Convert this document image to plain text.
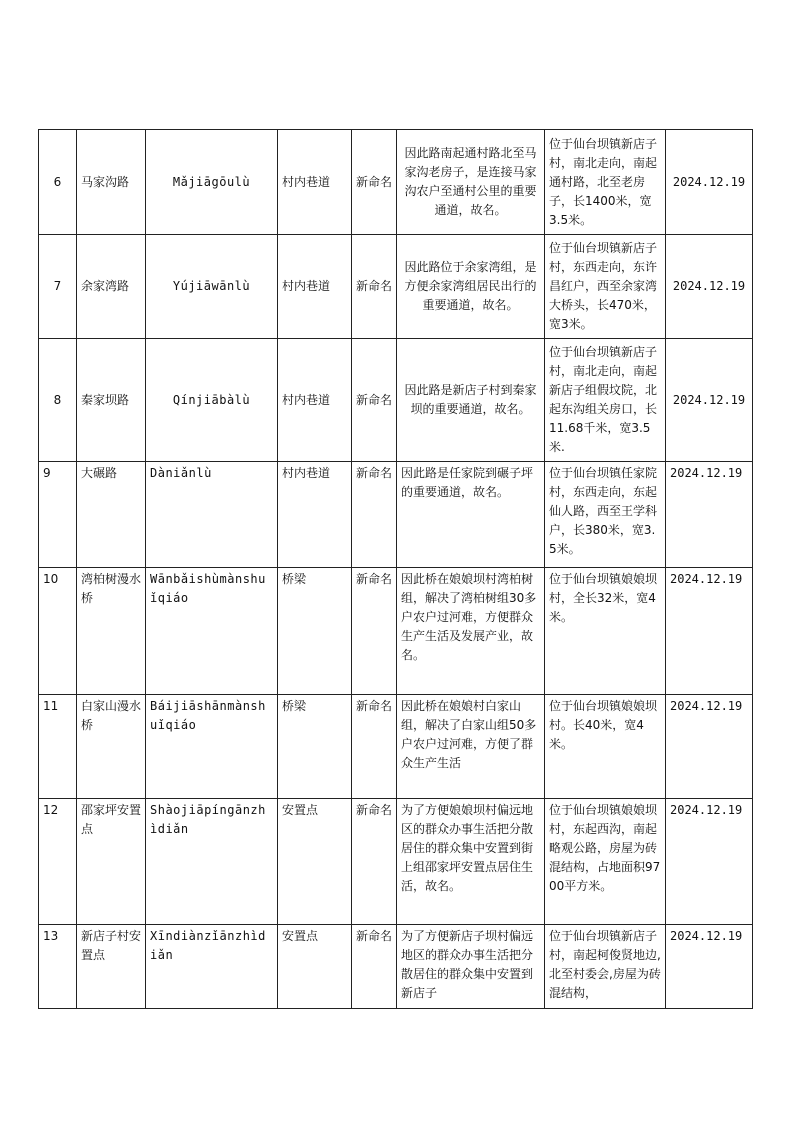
6	马家沟路	Mǎjiāgōulù	村内巷道	新命名	因此路南起通村路北至马家沟老房子，是连接马家沟农户至通村公里的重要通道，故名。	位于仙台坝镇新店子村，南北走向，南起通村路，北至老房子，长1400米，宽3.5米。	2024.12.19
7	余家湾路	Yújiāwānlù	村内巷道	新命名	因此路位于余家湾组，是方便余家湾组居民出行的重要通道，故名。	位于仙台坝镇新店子村，东西走向，东许昌红户，西至余家湾大桥头，长470米，宽3米。	2024.12.19
8	秦家坝路	Qínjiābàlù	村内巷道	新命名	因此路是新店子村到秦家坝的重要通道，故名。	位于仙台坝镇新店子村，南北走向，南起新店子组假坟院，北起东沟组关房口，长11.68千米，宽3.5米.	2024.12.19
9	大碾路	Dàniǎnlù	村内巷道	新命名	因此路是任家院到碾子坪的重要通道，故名。	位于仙台坝镇任家院村，东西走向，东起仙人路，西至王学科户，长380米，宽3.5米。	2024.12.19
10	湾柏树漫水桥	Wānbǎishùmànshuǐqiáo	桥梁	新命名	因此桥在娘娘坝村湾柏树组，解决了湾柏树组30多户农户过河难，方便群众生产生活及发展产业，故名。	位于仙台坝镇娘娘坝村，全长32米，宽4米。	2024.12.19
11	白家山漫水桥	Báijiāshānmànshuǐqiáo	桥梁	新命名	因此桥在娘娘村白家山组，解决了白家山组50多户农户过河难，方便了群众生产生活	位于仙台坝镇娘娘坝村。长40米，宽4米。	2024.12.19
12	邵家坪安置点	Shàojiāpíngānzhìdiǎn	安置点	新命名	为了方便娘娘坝村偏远地区的群众办事生活把分散居住的群众集中安置到街上组邵家坪安置点居住生活，故名。	位于仙台坝镇娘娘坝村，东起西沟，南起略观公路，房屋为砖混结构，占地面积9700平方米。	2024.12.19
13	新店子村安置点	Xīndiànzǐānzhìdiǎn	安置点	新命名	为了方便新店子坝村偏远地区的群众办事生活把分散居住的群众集中安置到新店子	位于仙台坝镇新店子村，南起柯俊贤地边,北至村委会,房屋为砖混结构，	2024.12.19
